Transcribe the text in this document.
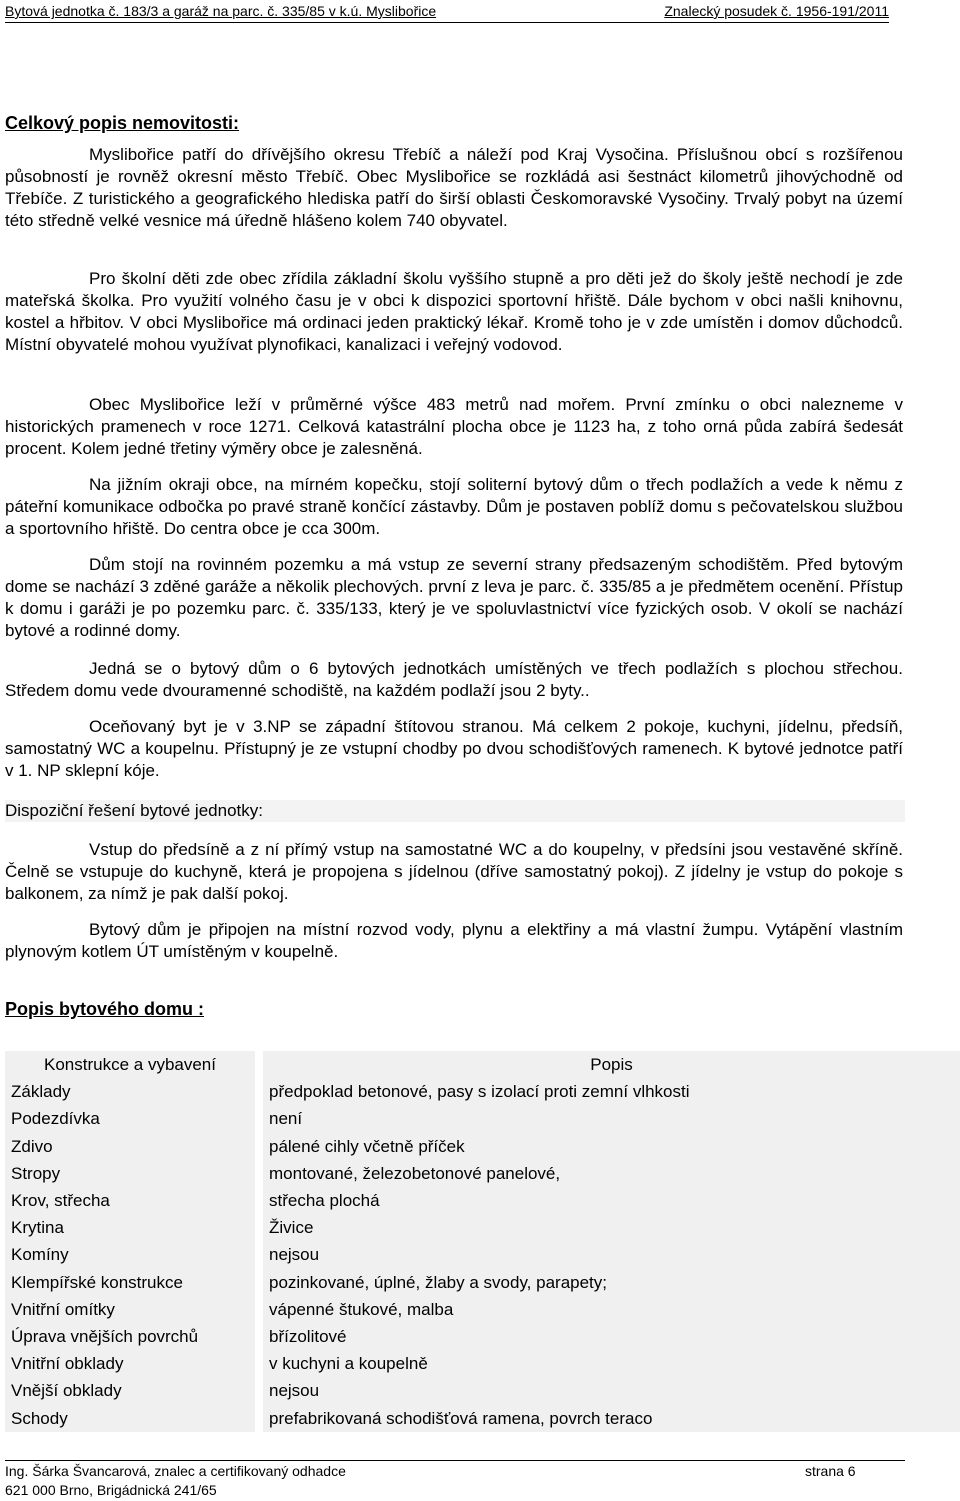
Bytová jednotka č. 183/3 a garáž na parc. č. 335/85 v k.ú. Myslibořice	Znalecký posudek č. 1956-191/2011
Celkový popis nemovitosti:

Myslibořice patří do dřívějšího okresu Třebíč a náleží pod Kraj Vysočina. Příslušnou obcí s rozšířenou působností je rovněž okresní město Třebíč. Obec Myslibořice se rozkládá asi šestnáct kilometrů jihovýchodně od Třebíče. Z turistického a geografického hlediska patří do širší oblasti Českomoravské Vysočiny. Trvalý pobyt na území této středně velké vesnice má úředně hlášeno kolem 740 obyvatel.

Pro školní děti zde obec zřídila základní školu vyššího stupně a pro děti jež do školy ještě nechodí je zde mateřská školka. Pro využití volného času je v obci k dispozici sportovní hřiště. Dále bychom v obci našli knihovnu, kostel a hřbitov. V obci Myslibořice má ordinaci jeden praktický lékař. Kromě toho je v zde umístěn i domov důchodců. Místní obyvatelé mohou využívat plynofikaci, kanalizaci i veřejný vodovod.

Obec Myslibořice leží v průměrné výšce 483 metrů nad mořem. První zmínku o obci nalezneme v historických pramenech v roce 1271. Celková katastrální plocha obce je 1123 ha, z toho orná půda zabírá šedesát procent. Kolem jedné třetiny výměry obce je zalesněná.

Na jižním okraji obce, na mírném kopečku, stojí soliterní bytový dům o třech podlažích a vede k němu z páteřní komunikace odbočka po pravé straně končící zástavby. Dům je postaven poblíž domu s pečovatelskou službou a sportovního hřiště. Do centra obce je cca 300m.

Dům stojí na rovinném pozemku a má vstup ze severní strany předsazeným schodištěm. Před bytovým dome se nachází 3 zděné garáže a několik plechových. první z leva je parc. č. 335/85 a je předmětem ocenění. Přístup k domu i garáži je po pozemku parc. č. 335/133, který je ve spoluvlastnictví více fyzických osob. V okolí se nachází bytové a rodinné domy.

Jedná se o bytový dům o 6 bytových jednotkách umístěných ve třech podlažích s plochou střechou. Středem domu vede dvouramenné schodiště, na každém podlaží jsou 2 byty..

Oceňovaný byt je v 3.NP se západní štítovou stranou. Má celkem 2 pokoje, kuchyni, jídelnu, předsíň, samostatný WC a koupelnu. Přístupný je ze vstupní chodby po dvou schodišťových ramenech. K bytové jednotce patří v 1. NP sklepní kóje.

Dispoziční řešení bytové jednotky:

Vstup do předsíně a z ní přímý vstup na samostatné WC a do koupelny, v předsíni jsou vestavěné skříně. Čelně se vstupuje do kuchyně, která je propojena s jídelnou (dříve samostatný pokoj). Z jídelny je vstup do pokoje s balkonem, za nímž je pak další pokoj.

Bytový dům je připojen na místní rozvod vody, plynu a elektřiny a má vlastní žumpu. Vytápění vlastním plynovým kotlem ÚT umístěným v koupelně.

Popis bytového domu :
Konstrukce a vybavení		Popis
Základy		předpoklad betonové, pasy s izolací proti zemní vlhkosti
Podezdívka		není
Zdivo		pálené cihly včetně příček
Stropy		montované, železobetonové panelové,
Krov, střecha		střecha plochá
Krytina		Živice
Komíny		nejsou
Klempířské konstrukce		pozinkované, úplné, žlaby a svody, parapety;
Vnitřní omítky		vápenné štukové, malba
Úprava vnějších povrchů		břízolitové
Vnitřní obklady		v kuchyni a koupelně
Vnější obklady		nejsou
Schody		prefabrikovaná schodišťová ramena, povrch teraco
Ing. Šárka Švancarová, znalec a certifikovaný odhadce
621 000 Brno, Brigádnická 241/65
strana 6
